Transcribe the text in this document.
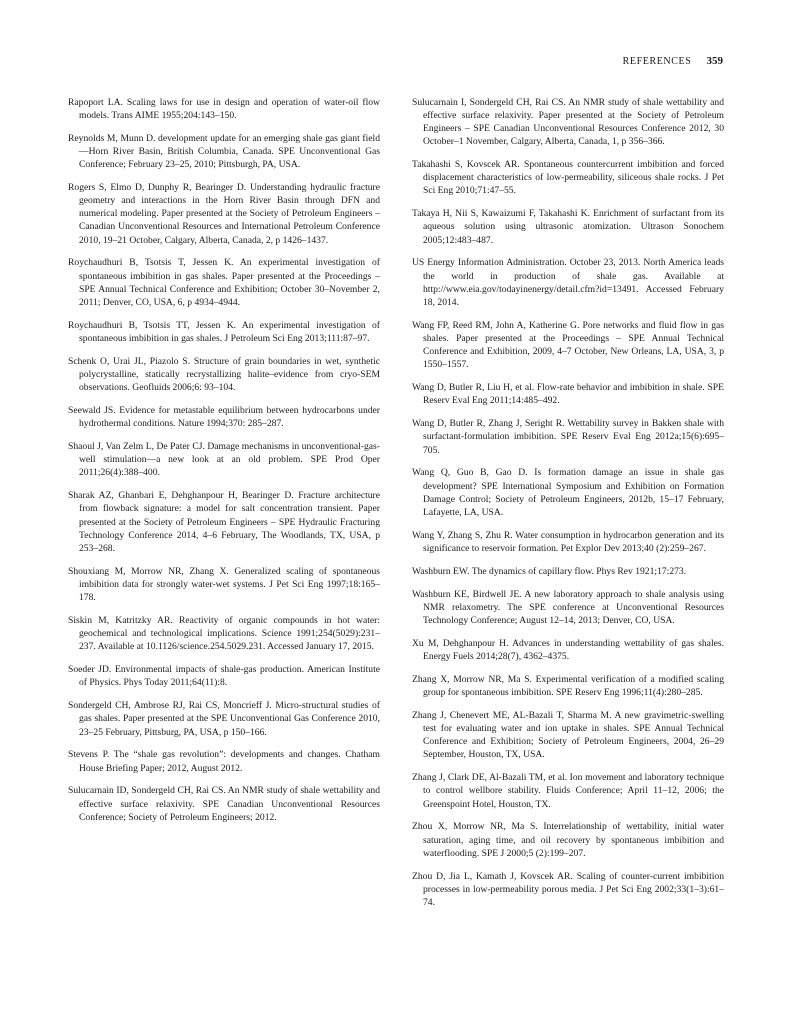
REFERENCES 359

Rapoport LA. Scaling laws for use in design and operation of water-oil flow models. Trans AIME 1955;204:143–150.

Reynolds M, Munn D. development update for an emerging shale gas giant field—Horn River Basin, British Columbia, Canada. SPE Unconventional Gas Conference; February 23–25, 2010; Pittsburgh, PA, USA.

Rogers S, Elmo D, Dunphy R, Bearinger D. Understanding hydraulic fracture geometry and interactions in the Horn River Basin through DFN and numerical modeling. Paper presented at the Society of Petroleum Engineers – Canadian Unconventional Resources and International Petroleum Conference 2010, 19–21 October, Calgary, Alberta, Canada, 2, p 1426–1437.

Roychaudhuri B, Tsotsis T, Jessen K. An experimental investigation of spontaneous imbibition in gas shales. Paper presented at the Proceedings – SPE Annual Technical Conference and Exhibition; October 30–November 2, 2011; Denver, CO, USA, 6, p 4934–4944.

Roychaudhuri B, Tsotsis TT, Jessen K. An experimental investigation of spontaneous imbibition in gas shales. J Petroleum Sci Eng 2013;111:87–97.

Schenk O, Urai JL, Piazolo S. Structure of grain boundaries in wet, synthetic polycrystalline, statically recrystallizing halite–evidence from cryo-SEM observations. Geofluids 2006;6: 93–104.

Seewald JS. Evidence for metastable equilibrium between hydrocarbons under hydrothermal conditions. Nature 1994;370: 285–287.

Shaoul J, Van Zelm L, De Pater CJ. Damage mechanisms in unconventional-gas-well stimulation—a new look at an old problem. SPE Prod Oper 2011;26(4):388–400.

Sharak AZ, Ghanbari E, Dehghanpour H, Bearinger D. Fracture architecture from flowback signature: a model for salt concentration transient. Paper presented at the Society of Petroleum Engineers – SPE Hydraulic Fracturing Technology Conference 2014, 4–6 February, The Woodlands, TX, USA, p 253–268.

Shouxiang M, Morrow NR, Zhang X. Generalized scaling of spontaneous imbibition data for strongly water-wet systems. J Pet Sci Eng 1997;18:165–178.

Siskin M, Katritzky AR. Reactivity of organic compounds in hot water: geochemical and technological implications. Science 1991;254(5029):231–237. Available at 10.1126/science.254.5029.231. Accessed January 17, 2015.

Soeder JD. Environmental impacts of shale-gas production. American Institute of Physics. Phys Today 2011;64(11):8.

Sondergeld CH, Ambrose RJ, Rai CS, Moncrieff J. Micro-structural studies of gas shales. Paper presented at the SPE Unconventional Gas Conference 2010, 23–25 February, Pittsburg, PA, USA, p 150–166.

Stevens P. The “shale gas revolution”: developments and changes. Chatham House Briefing Paper; 2012, August 2012.

Sulucarnain ID, Sondergeld CH, Rai CS. An NMR study of shale wettability and effective surface relaxivity. SPE Canadian Unconventional Resources Conference; Society of Petroleum Engineers; 2012.

Sulucarnain I, Sondergeld CH, Rai CS. An NMR study of shale wettability and effective surface relaxivity. Paper presented at the Society of Petroleum Engineers – SPE Canadian Unconventional Resources Conference 2012, 30 October–1 November, Calgary, Alberta, Canada, 1, p 356–366.

Takahashi S, Kovscek AR. Spontaneous countercurrent imbibition and forced displacement characteristics of low-permeability, siliceous shale rocks. J Pet Sci Eng 2010;71:47–55.

Takaya H, Nii S, Kawaizumi F, Takahashi K. Enrichment of surfactant from its aqueous solution using ultrasonic atomization. Ultrason Sonochem 2005;12:483–487.

US Energy Information Administration. October 23, 2013. North America leads the world in production of shale gas. Available at http://www.eia.gov/todayinenergy/detail.cfm?id=13491. Accessed February 18, 2014.

Wang FP, Reed RM, John A, Katherine G. Pore networks and fluid flow in gas shales. Paper presented at the Proceedings – SPE Annual Technical Conference and Exhibition, 2009, 4–7 October, New Orleans, LA, USA, 3, p 1550–1557.

Wang D, Butler R, Liu H, et al. Flow-rate behavior and imbibition in shale. SPE Reserv Eval Eng 2011;14:485–492.

Wang D, Butler R, Zhang J, Seright R. Wettability survey in Bakken shale with surfactant-formulation imbibition. SPE Reserv Eval Eng 2012a;15(6):695–705.

Wang Q, Guo B, Gao D. Is formation damage an issue in shale gas development? SPE International Symposium and Exhibition on Formation Damage Control; Society of Petroleum Engineers, 2012b, 15–17 February, Lafayette, LA, USA.

Wang Y, Zhang S, Zhu R. Water consumption in hydrocarbon generation and its significance to reservoir formation. Pet Explor Dev 2013;40 (2):259–267.

Washburn EW. The dynamics of capillary flow. Phys Rev 1921;17:273.

Washburn KE, Birdwell JE. A new laboratory approach to shale analysis using NMR relaxometry. The SPE conference at Unconventional Resources Technology Conference; August 12–14, 2013; Denver, CO, USA.

Xu M, Dehghanpour H. Advances in understanding wettability of gas shales. Energy Fuels 2014;28(7), 4362–4375.

Zhang X, Morrow NR, Ma S. Experimental verification of a modified scaling group for spontaneous imbibition. SPE Reserv Eng 1996;11(4):280–285.

Zhang J, Chenevert ME, AL-Bazali T, Sharma M. A new gravimetric-swelling test for evaluating water and ion uptake in shales. SPE Annual Technical Conference and Exhibition; Society of Petroleum Engineers, 2004, 26–29 September, Houston, TX, USA.

Zhang J, Clark DE, Al-Bazali TM, et al. Ion movement and laboratory technique to control wellbore stability. Fluids Conference; April 11–12, 2006; the Greenspoint Hotel, Houston, TX.

Zhou X, Morrow NR, Ma S. Interrelationship of wettability, initial water saturation, aging time, and oil recovery by spontaneous imbibition and waterflooding. SPE J 2000;5 (2):199–207.

Zhou D, Jia L, Kamath J, Kovscek AR. Scaling of counter-current imbibition processes in low-permeability porous media. J Pet Sci Eng 2002;33(1–3):61–74.
